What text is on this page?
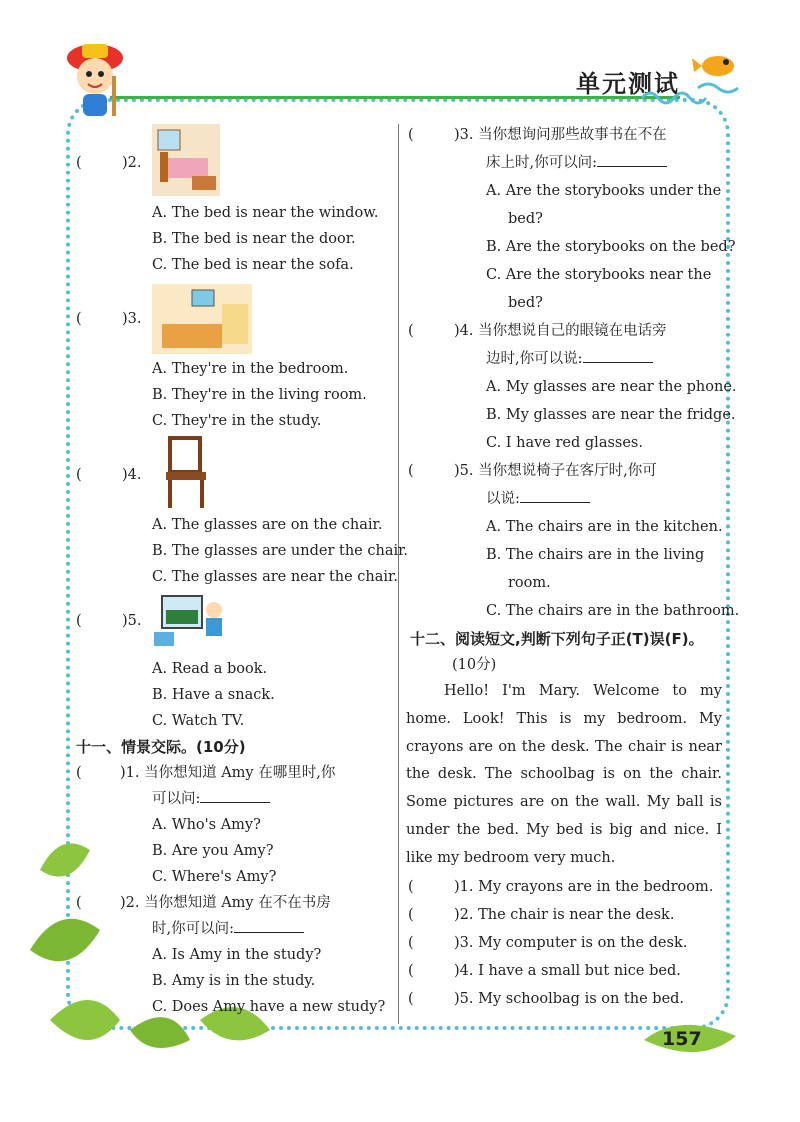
单元测试
157
(	)2.
A. The bed is near the window.
B. The bed is near the door.
C. The bed is near the sofa.
(	)3.
A. They're in the bedroom.
B. They're in the living room.
C. They're in the study.
(	)4.
A. The glasses are on the chair.
B. The glasses are under the chair.
C. The glasses are near the chair.
(	)5.
A. Read a book.
B. Have a snack.
C. Watch TV.
十一、情景交际。(10分)
(	)1. 当你想知道 Amy 在哪里时,你
可以问:
A. Who's Amy?
B. Are you Amy?
C. Where's Amy?
(	)2. 当你想知道 Amy 在不在书房
时,你可以问:
A. Is Amy in the study?
B. Amy is in the study.
C. Does Amy have a new study?
(	)3. 当你想询问那些故事书在不在
床上时,你可以问:
A. Are the storybooks under the
bed?
B. Are the storybooks on the bed?
C. Are the storybooks near the
bed?
(	)4. 当你想说自己的眼镜在电话旁
边时,你可以说:
A. My glasses are near the phone.
B. My glasses are near the fridge.
C. I have red glasses.
(	)5. 当你想说椅子在客厅时,你可
以说:
A. The chairs are in the kitchen.
B. The chairs are in the living
room.
C. The chairs are in the bathroom.
十二、阅读短文,判断下列句子正(T)误(F)。
(10分)
Hello! I'm Mary. Welcome to my home. Look! This is my bedroom. My crayons are on the desk. The chair is near the desk. The schoolbag is on the chair. Some pictures are on the wall. My ball is under the bed. My bed is big and nice. I like my bedroom very much.
(	)1. My crayons are in the bedroom.
(	)2. The chair is near the desk.
(	)3. My computer is on the desk.
(	)4. I have a small but nice bed.
(	)5. My schoolbag is on the bed.
